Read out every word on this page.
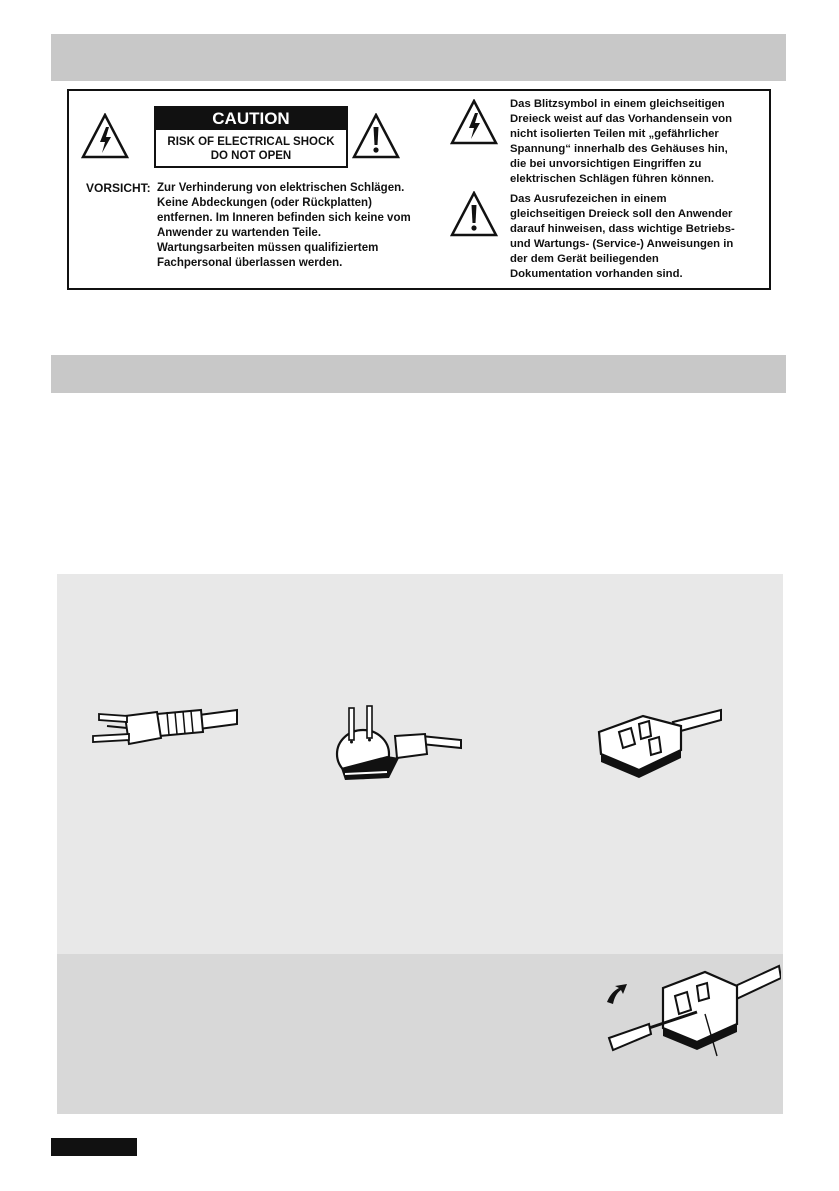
CAUTION
RISK OF ELECTRICAL SHOCK
DO NOT OPEN
VORSICHT: Zur Verhinderung von elektrischen Schlägen.
Keine Abdeckungen (oder Rückplatten)
entfernen. Im Inneren befinden sich keine vom
Anwender zu wartenden Teile.
Wartungsarbeiten müssen qualifiziertem
Fachpersonal überlassen werden.
Das Blitzsymbol in einem gleichseitigen
Dreieck weist auf das Vorhandensein von
nicht isolierten Teilen mit „gefährlicher
Spannung“ innerhalb des Gehäuses hin,
die bei unvorsichtigen Eingriffen zu
elektrischen Schlägen führen können.
Das Ausrufezeichen in einem
gleichseitigen Dreieck soll den Anwender
darauf hinweisen, dass wichtige Betriebs-
und Wartungs- (Service-) Anweisungen in
der dem Gerät beiliegenden
Dokumentation vorhanden sind.
